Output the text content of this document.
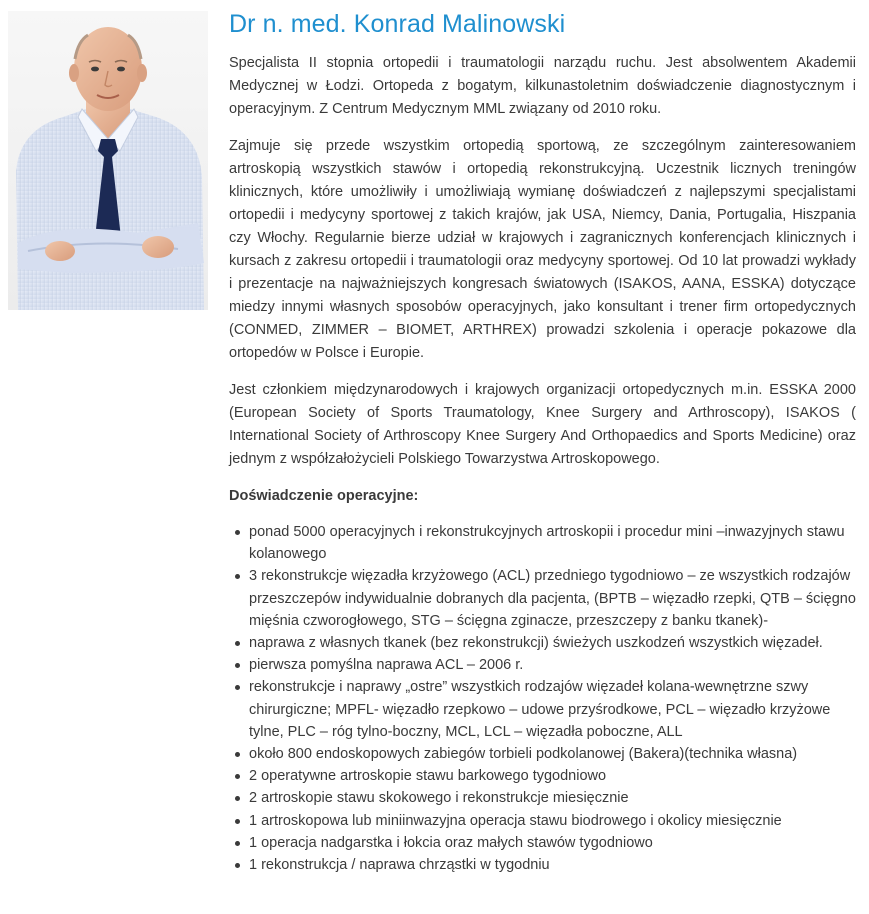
Dr n. med. Konrad Malinowski

Specjalista II stopnia ortopedii i traumatologii narządu ruchu. Jest absolwentem Akademii Medycznej w Łodzi. Ortopeda z bogatym, kilkunastoletnim doświadczenie diagnostycznym i operacyjnym. Z Centrum Medycznym MML związany od 2010 roku.

Zajmuje się przede wszystkim ortopedią sportową, ze szczególnym zainteresowaniem artroskopią wszystkich stawów i ortopedią rekonstrukcyjną. Uczestnik licznych treningów klinicznych, które umożliwiły i umożliwiają wymianę doświadczeń z najlepszymi specjalistami ortopedii i medycyny sportowej z takich krajów, jak USA, Niemcy, Dania, Portugalia, Hiszpania czy Włochy. Regularnie bierze udział w krajowych i zagranicznych konferencjach klinicznych i kursach z zakresu ortopedii i traumatologii oraz medycyny sportowej. Od 10 lat prowadzi wykłady i prezentacje na najważniejszych kongresach światowych (ISAKOS, AANA, ESSKA) dotyczące miedzy innymi własnych sposobów operacyjnych, jako konsultant i trener firm ortopedycznych (CONMED, ZIMMER – BIOMET, ARTHREX) prowadzi szkolenia i operacje pokazowe dla ortopedów w Polsce i Europie.

Jest członkiem międzynarodowych i krajowych organizacji ortopedycznych m.in. ESSKA 2000 (European Society of Sports Traumatology, Knee Surgery and Arthroscopy), ISAKOS ( International Society of Arthroscopy Knee Surgery And Orthopaedics and Sports Medicine) oraz jednym z współzałożycieli Polskiego Towarzystwa Artroskopowego.

Doświadczenie operacyjne:
ponad 5000 operacyjnych i rekonstrukcyjnych artroskopii i procedur mini –inwazyjnych stawu kolanowego
3 rekonstrukcje więzadła krzyżowego (ACL) przedniego tygodniowo – ze wszystkich rodzajów przeszczepów indywidualnie dobranych dla pacjenta, (BPTB – więzadło rzepki, QTB – ścięgno mięśnia czworogłowego, STG – ścięgna zginacze, przeszczepy z banku tkanek)-
naprawa z własnych tkanek (bez rekonstrukcji) świeżych uszkodzeń wszystkich więzadeł.
pierwsza pomyślna naprawa ACL – 2006 r.
rekonstrukcje i naprawy „ostre” wszystkich rodzajów więzadeł kolana-wewnętrzne szwy chirurgiczne; MPFL- więzadło rzepkowo – udowe przyśrodkowe, PCL – więzadło krzyżowe tylne, PLC – róg tylno-boczny, MCL, LCL – więzadła poboczne, ALL
około 800 endoskopowych zabiegów torbieli podkolanowej (Bakera)(technika własna)
2 operatywne artroskopie stawu barkowego tygodniowo
2 artroskopie stawu skokowego i rekonstrukcje miesięcznie
1 artroskopowa lub miniinwazyjna operacja stawu biodrowego i okolicy miesięcznie
1 operacja nadgarstka i łokcia oraz małych stawów tygodniowo
1 rekonstrukcja / naprawa chrząstki w tygodniu
